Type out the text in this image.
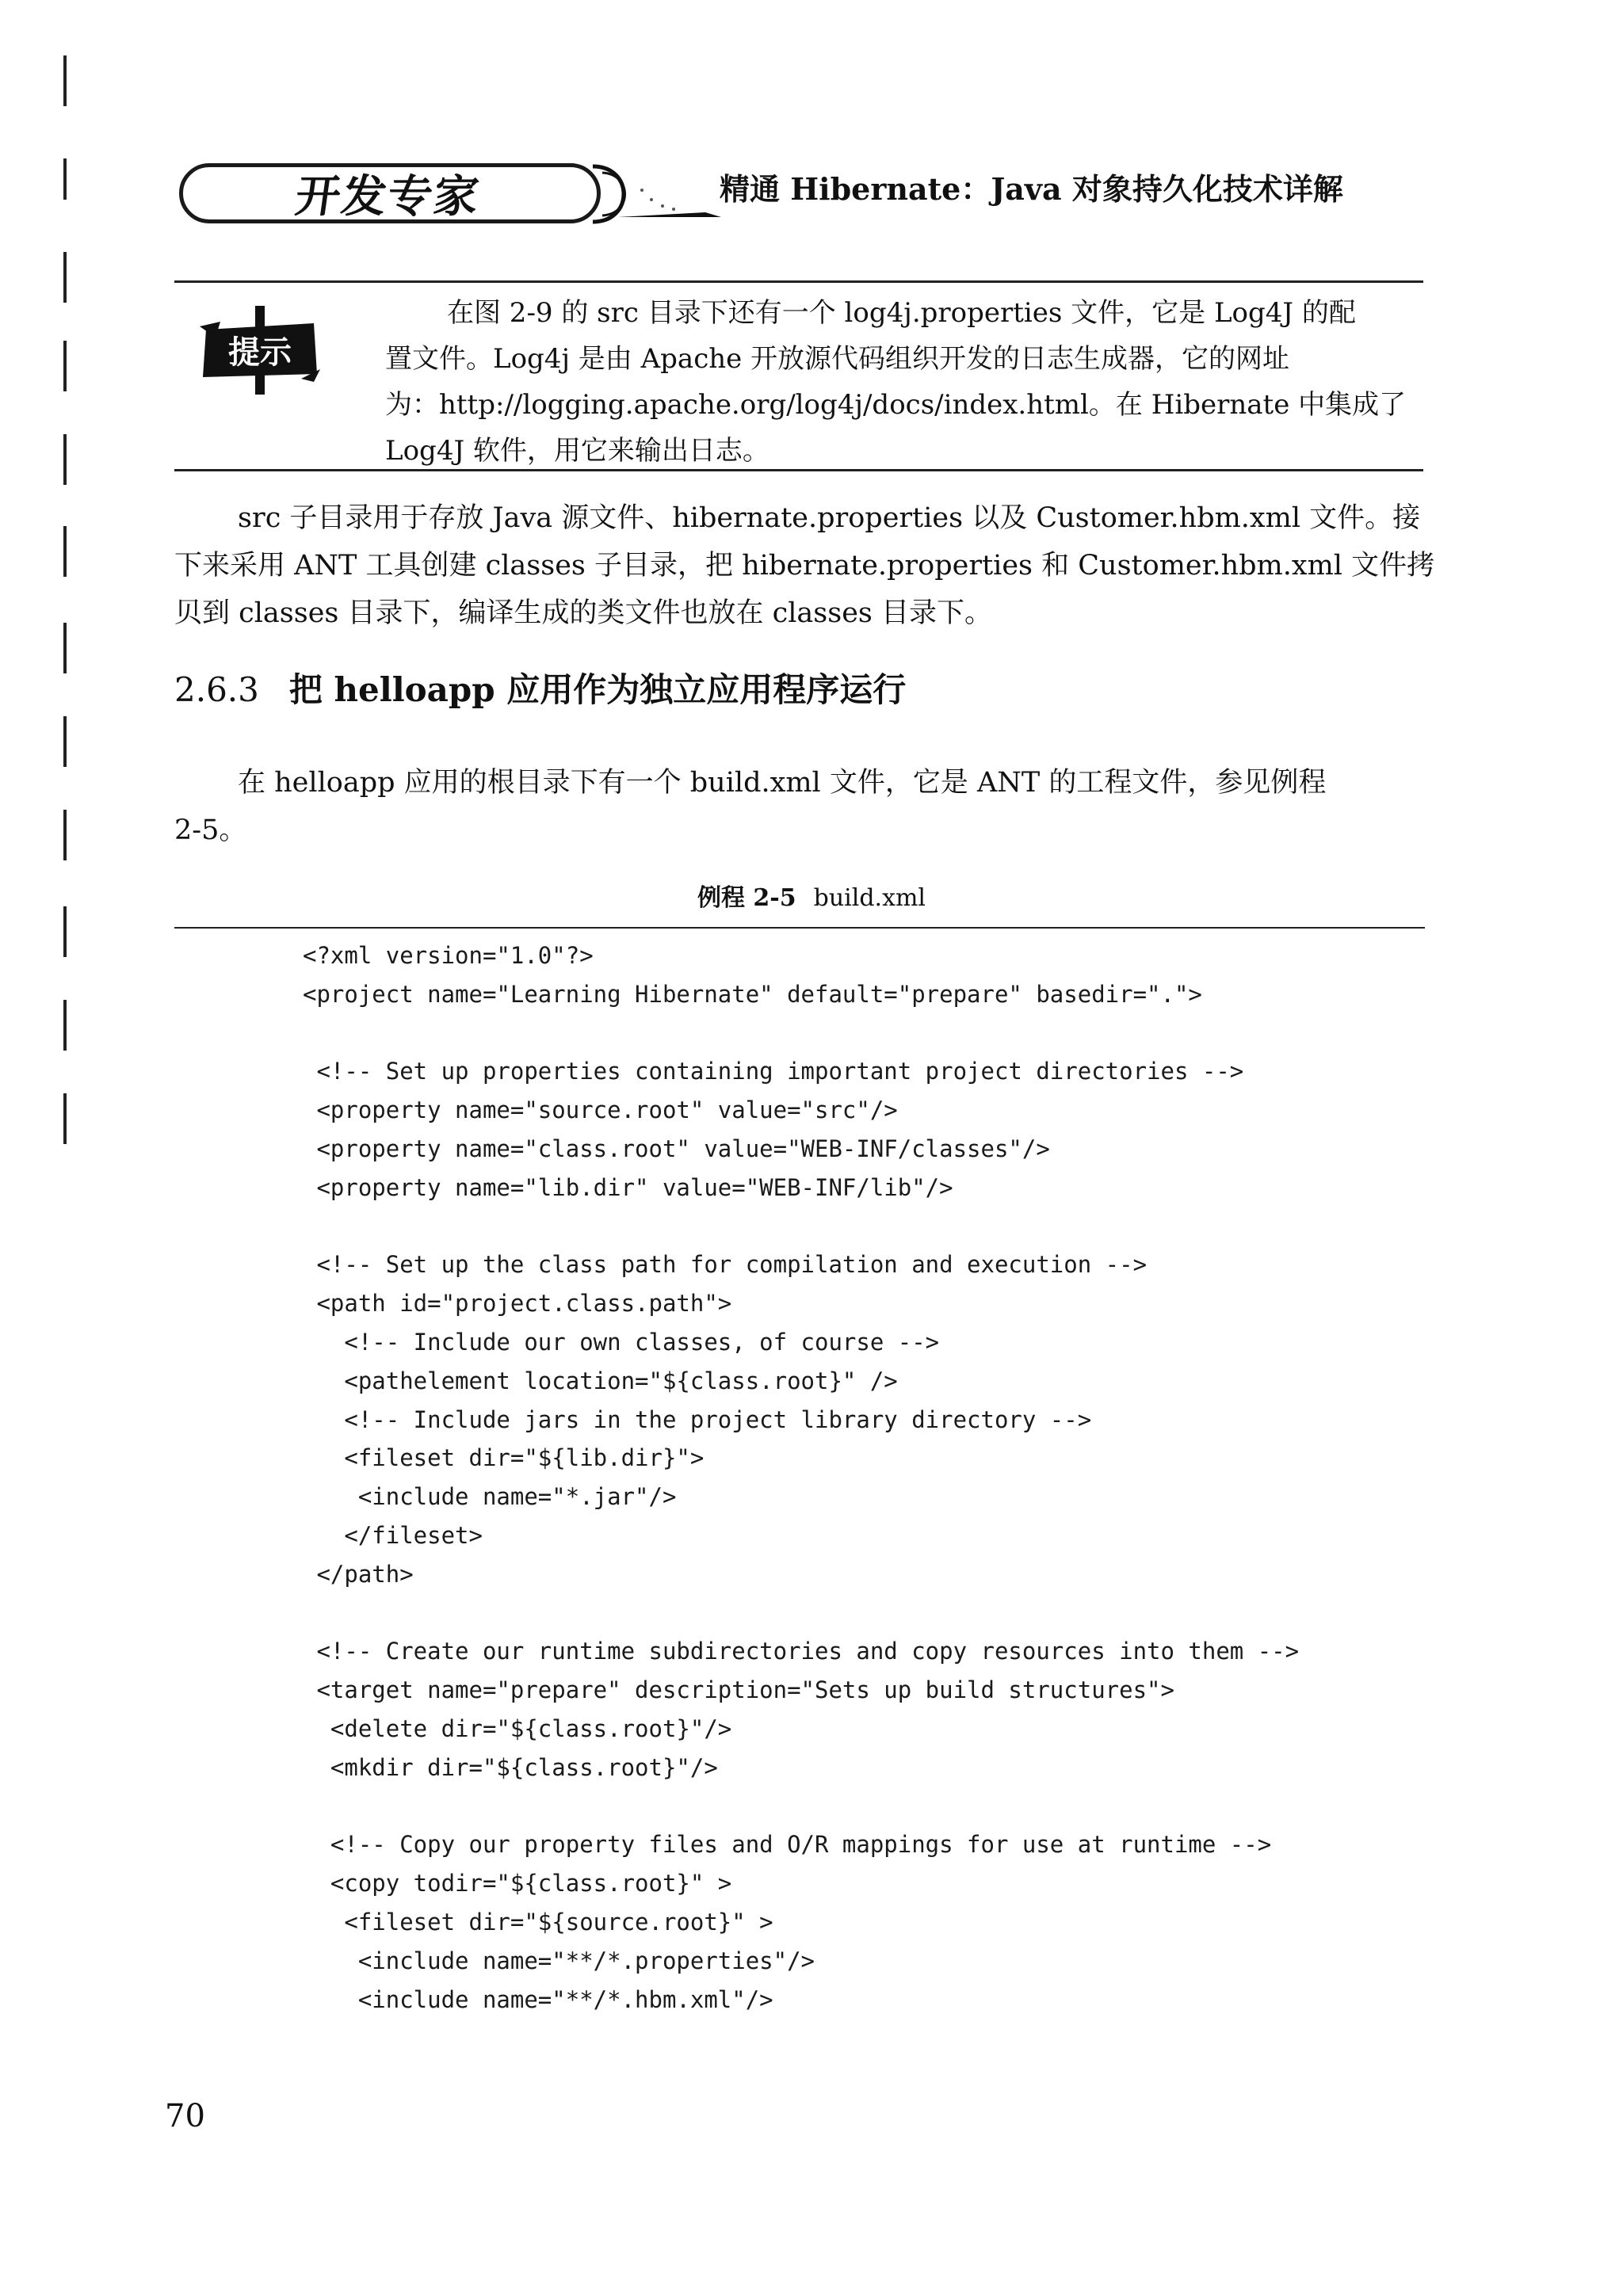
开发专家	精通 Hibernate：Java 对象持久化技术详解
提示
在图 2-9 的 src 目录下还有一个 log4j.properties 文件，它是 Log4J 的配
置文件。Log4j 是由 Apache 开放源代码组织开发的日志生成器，它的网址
为：http://logging.apache.org/log4j/docs/index.html。在 Hibernate 中集成了
Log4J 软件，用它来输出日志。
src 子目录用于存放 Java 源文件、hibernate.properties 以及 Customer.hbm.xml 文件。接
下来采用 ANT 工具创建 classes 子目录，把 hibernate.properties 和 Customer.hbm.xml 文件拷
贝到 classes 目录下，编译生成的类文件也放在 classes 目录下。
2.6.3 把 helloapp 应用作为独立应用程序运行
在 helloapp 应用的根目录下有一个 build.xml 文件，它是 ANT 的工程文件，参见例程
2-5。
例程 2-5 build.xml
<?xml version="1.0"?>
<project name="Learning Hibernate" default="prepare" basedir=".">
<!-- Set up properties containing important project directories -->
<property name="source.root" value="src"/>
<property name="class.root" value="WEB-INF/classes"/>
<property name="lib.dir" value="WEB-INF/lib"/>
<!-- Set up the class path for compilation and execution -->
<path id="project.class.path">
<!-- Include our own classes, of course -->
<pathelement location="${class.root}" />
<!-- Include jars in the project library directory -->
<fileset dir="${lib.dir}">
<include name="*.jar"/>
</fileset>
</path>
<!-- Create our runtime subdirectories and copy resources into them -->
<target name="prepare" description="Sets up build structures">
<delete dir="${class.root}"/>
<mkdir dir="${class.root}"/>
<!-- Copy our property files and O/R mappings for use at runtime -->
<copy todir="${class.root}" >
<fileset dir="${source.root}" >
<include name="**/*.properties"/>
<include name="**/*.hbm.xml"/>
70
